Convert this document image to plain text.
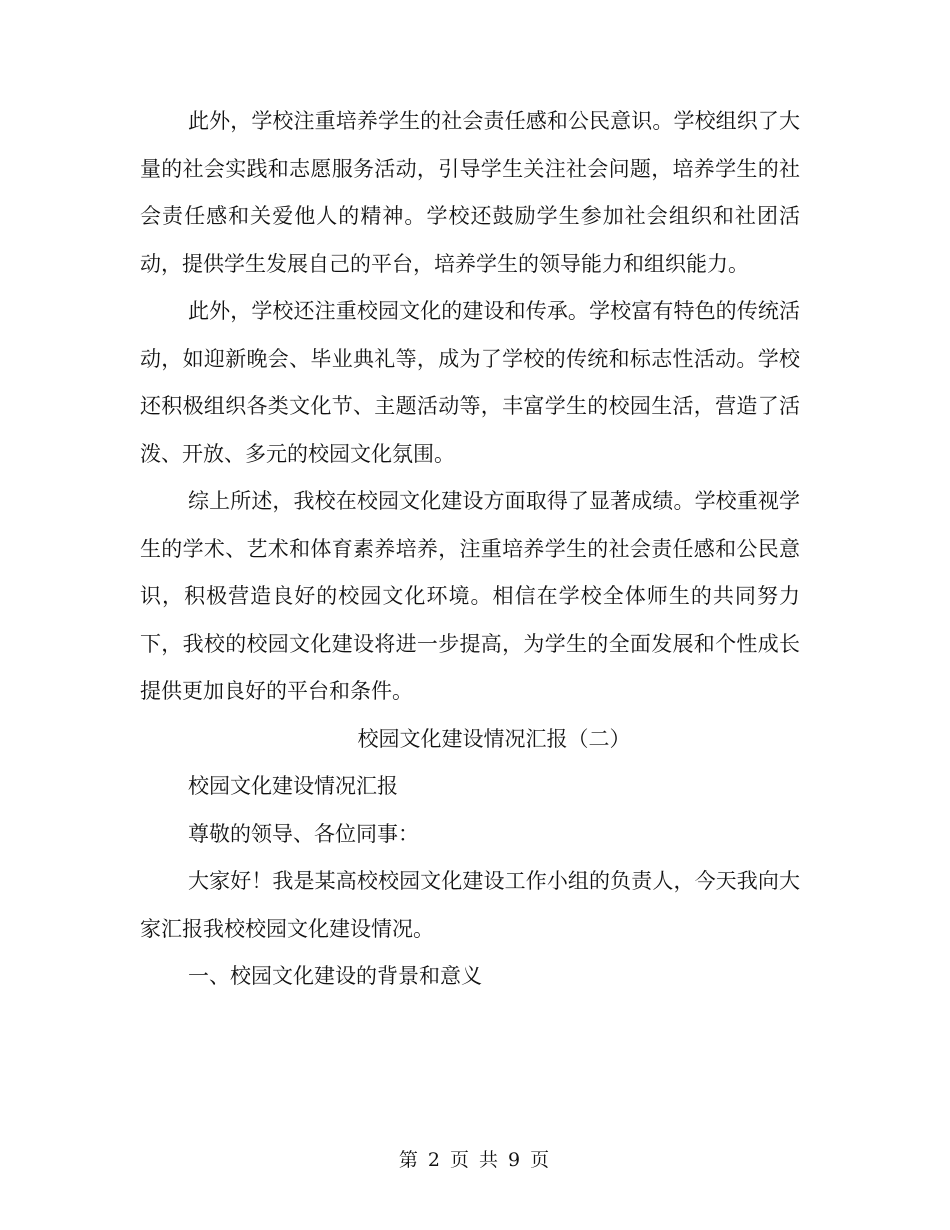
此外，学校注重培养学生的社会责任感和公民意识。学校组织了大量的社会实践和志愿服务活动，引导学生关注社会问题，培养学生的社会责任感和关爱他人的精神。学校还鼓励学生参加社会组织和社团活动，提供学生发展自己的平台，培养学生的领导能力和组织能力。

此外，学校还注重校园文化的建设和传承。学校富有特色的传统活动，如迎新晚会、毕业典礼等，成为了学校的传统和标志性活动。学校还积极组织各类文化节、主题活动等，丰富学生的校园生活，营造了活泼、开放、多元的校园文化氛围。

综上所述，我校在校园文化建设方面取得了显著成绩。学校重视学生的学术、艺术和体育素养培养，注重培养学生的社会责任感和公民意识，积极营造良好的校园文化环境。相信在学校全体师生的共同努力下，我校的校园文化建设将进一步提高，为学生的全面发展和个性成长提供更加良好的平台和条件。

校园文化建设情况汇报（二）

校园文化建设情况汇报

尊敬的领导、各位同事：

大家好！我是某高校校园文化建设工作小组的负责人，今天我向大家汇报我校校园文化建设情况。

一、校园文化建设的背景和意义

第 2 页 共 9 页
